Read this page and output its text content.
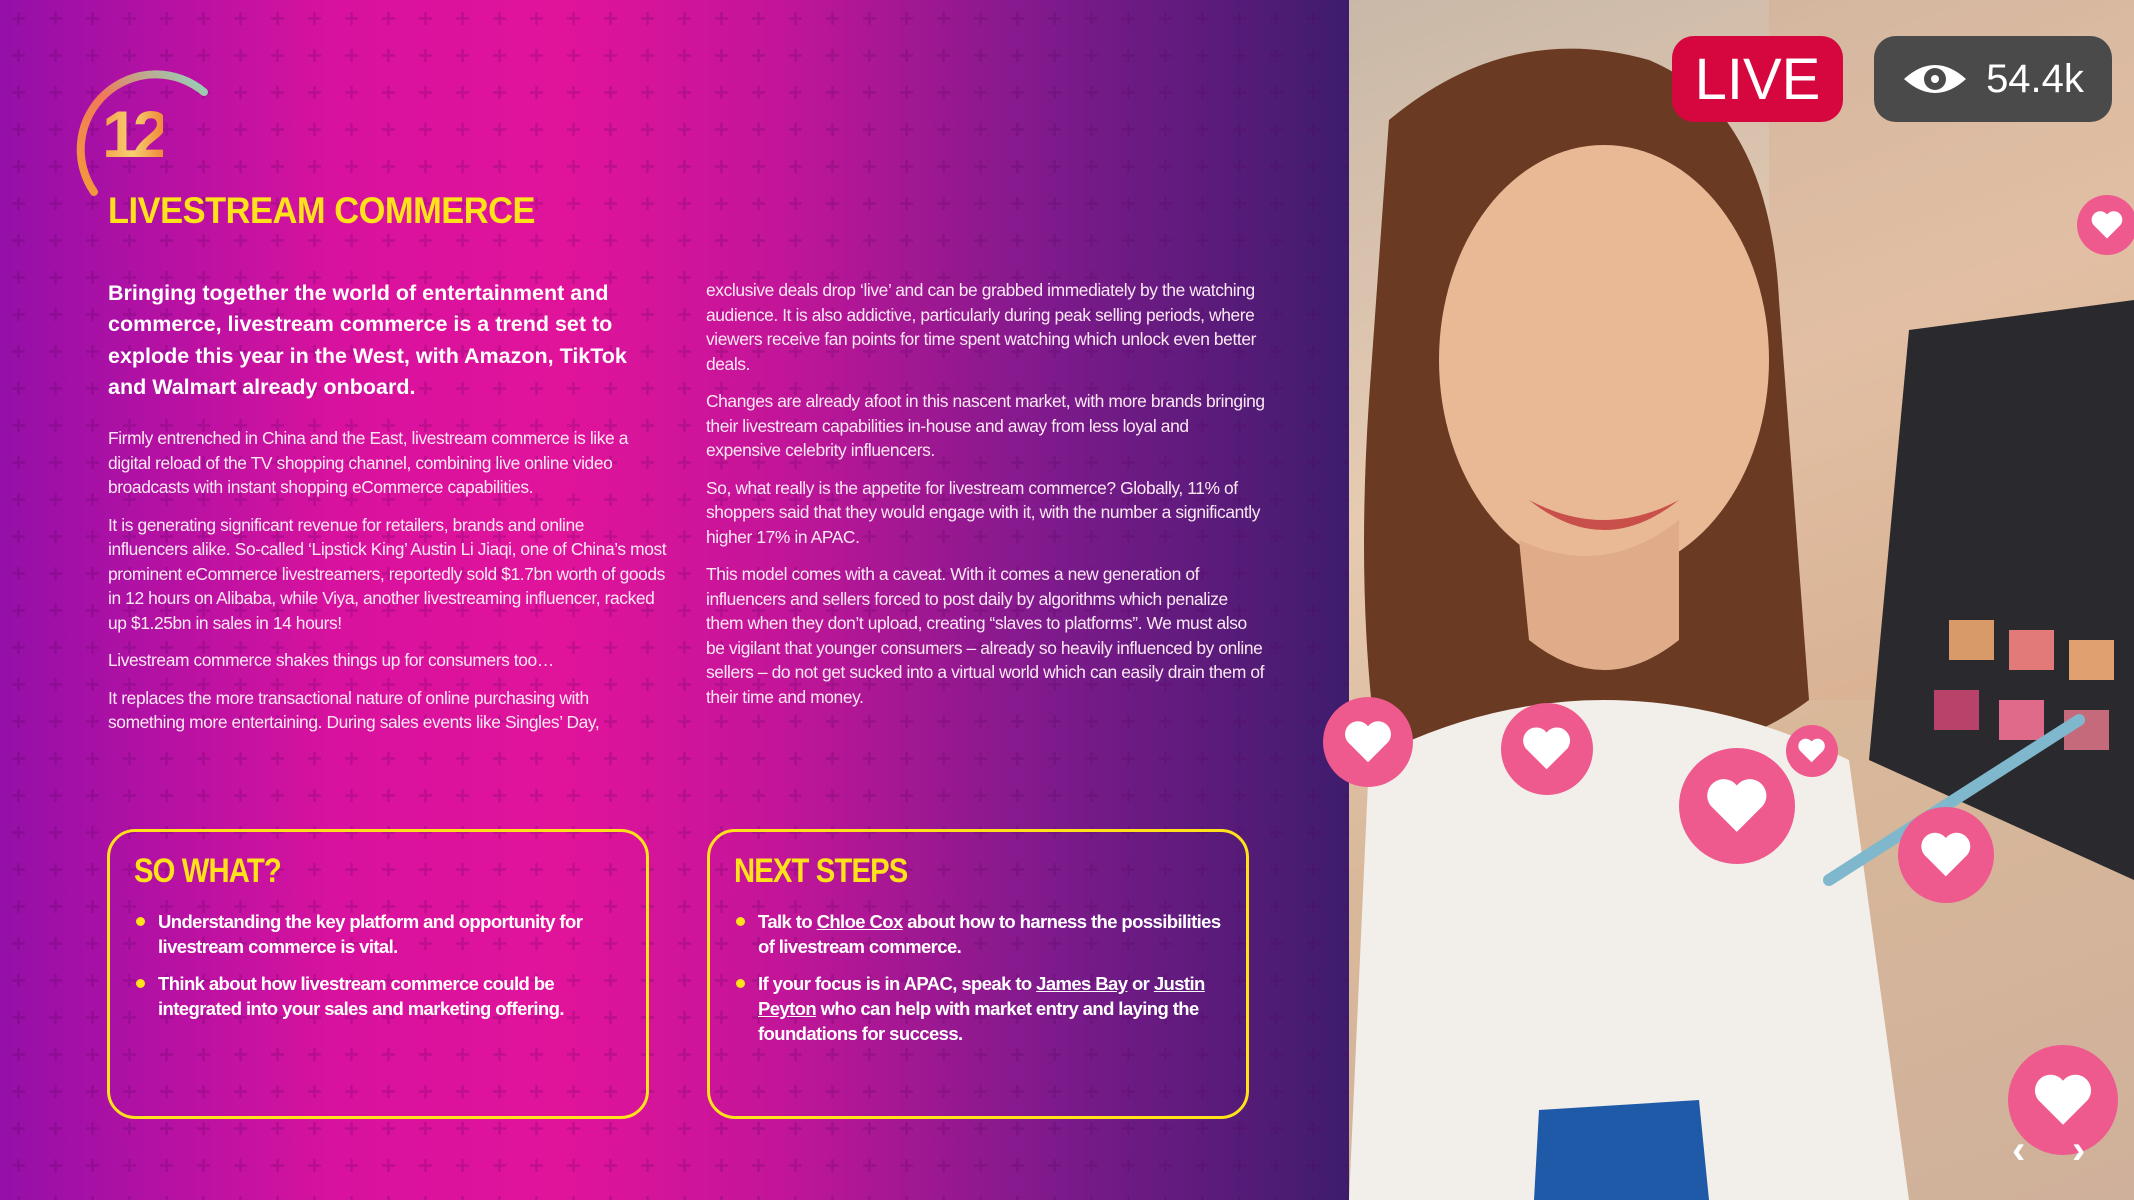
12
LIVESTREAM COMMERCE
Bringing together the world of entertainment and commerce, livestream commerce is a trend set to explode this year in the West, with Amazon, TikTok and Walmart already onboard.

Firmly entrenched in China and the East, livestream commerce is like a digital reload of the TV shopping channel, combining live online video broadcasts with instant shopping eCommerce capabilities.

It is generating significant revenue for retailers, brands and online influencers alike. So-called ‘Lipstick King’ Austin Li Jiaqi, one of China’s most prominent eCommerce livestreamers, reportedly sold $1.7bn worth of goods in 12 hours on Alibaba, while Viya, another livestreaming influencer, racked up $1.25bn in sales in 14 hours!

Livestream commerce shakes things up for consumers too…

It replaces the more transactional nature of online purchasing with something more entertaining. During sales events like Singles’ Day,

exclusive deals drop ‘live’ and can be grabbed immediately by the watching audience. It is also addictive, particularly during peak selling periods, where viewers receive fan points for time spent watching which unlock even better deals.

Changes are already afoot in this nascent market, with more brands bringing their livestream capabilities in-house and away from less loyal and expensive celebrity influencers.

So, what really is the appetite for livestream commerce? Globally, 11% of shoppers said that they would engage with it, with the number a significantly higher 17% in APAC.

This model comes with a caveat. With it comes a new generation of influencers and sellers forced to post daily by algorithms which penalize them when they don’t upload, creating “slaves to platforms”. We must also be vigilant that younger consumers – already so heavily influenced by online sellers – do not get sucked into a virtual world which can easily drain them of their time and money.

SO WHAT?
Understanding the key platform and opportunity for livestream commerce is vital.
Think about how livestream commerce could be integrated into your sales and marketing offering.
NEXT STEPS
Talk to Chloe Cox about how to harness the possibilities of livestream commerce.
If your focus is in APAC, speak to James Bay or Justin Peyton who can help with market entry and laying the foundations for success.
LIVE	54.4k
‹ ›
